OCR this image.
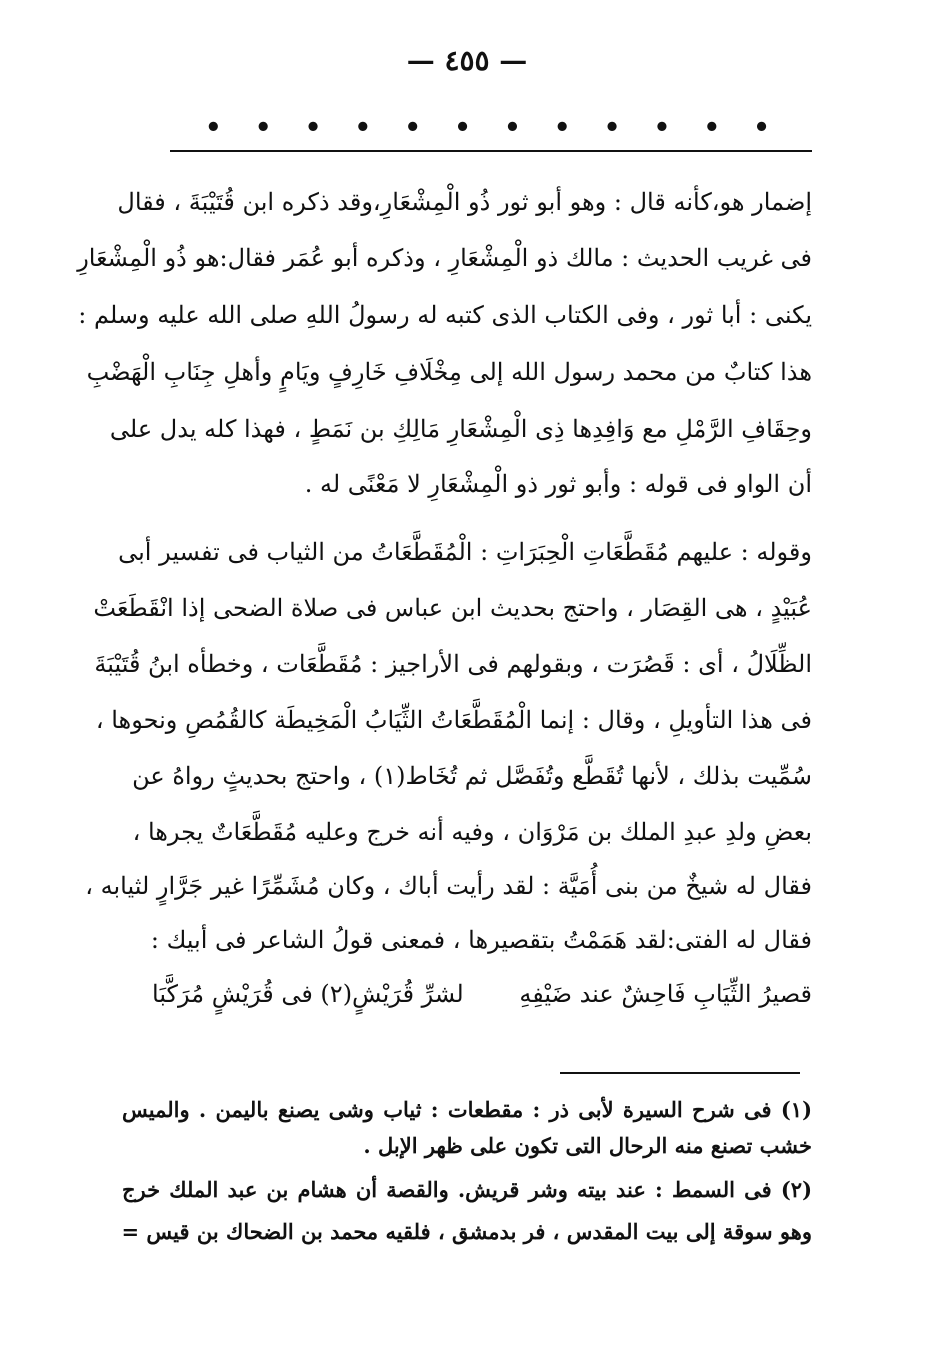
— ٤٥٥ —
• • • • • • • • • • • •
إضمار هو،كأنه قال : وهو أبو ثور ذُو الْمِشْعَارِ،وقد ذكره ابن قُتَيْبَةَ ، فقال
فى غريب الحديث : مالك ذو الْمِشْعَارِ ، وذكره أبو عُمَر فقال:هو ذُو الْمِشْعَارِ
يكنى : أبا ثور ، وفى الكتاب الذى كتبه له رسولُ اللهِ صلى الله عليه وسلم :
هذا كتابٌ من محمد رسول الله إلى مِخْلَافِ خَارِفٍ ويَامٍ وأهلِ جِنَابِ الْهَضْبِ
وحِقَافِ الرَّمْلِ مع وَافِدِها ذِى الْمِشْعَارِ مَالِكِ بن نَمَطٍ ، فهذا كله يدل على
أن الواو فى قوله : وأبو ثور ذو الْمِشْعَارِ لا مَعْنًى له .
وقوله : عليهم مُقَطَّعَاتِ الْحِبَرَاتِ : الْمُقَطَّعَاتُ من الثياب فى تفسير أبى
عُبَيْدٍ ، هى القِصَار ، واحتج بحديث ابن عباس فى صلاة الضحى إذا انْقَطَعَتْ
الظِّلَالُ ، أى : قَصُرَت ، وبقولهم فى الأراجيز : مُقَطَّعَات ، وخطأه ابنُ قُتَيْبَةَ
فى هذا التأويلِ ، وقال : إنما الْمُقَطَّعَاتُ الثِّيَابُ الْمَخِيطَة كالقُمُصِ ونحوها ،
سُمِّيت بذلك ، لأنها تُقَطَّع وتُفَصَّل ثم تُخَاط(١) ، واحتج بحديثٍ رواهُ عن
بعضِ ولدِ عبدِ الملك بن مَرْوَان ، وفيه أنه خرج وعليه مُقَطَّعَاتٌ يجرها ،
فقال له شيخٌ من بنى أُمَيَّة : لقد رأيت أباك ، وكان مُشَمِّرًا غير جَرَّارٍ لثيابه ،
فقال له الفتى:لقد هَمَمْتُ بتقصيرها ، فمعنى قولُ الشاعر فى أبيك :
قصيرُ الثِّيَابِ فَاحِشٌ عند ضَيْفِهِ
لشرِّ قُرَيْشٍ(٢) فى قُرَيْشٍ مُرَكَّبَا
(١) فى شرح السيرة لأبى ذر : مقطعات : ثياب وشى يصنع باليمن . والميس
خشب تصنع منه الرحال التى تكون على ظهر الإبل .
(٢) فى السمط : عند بيته وشر قريش. والقصة أن هشام بن عبد الملك خرج
وهو سوقة إلى بيت المقدس ، فر بدمشق ، فلقيه محمد بن الضحاك بن قيس =
